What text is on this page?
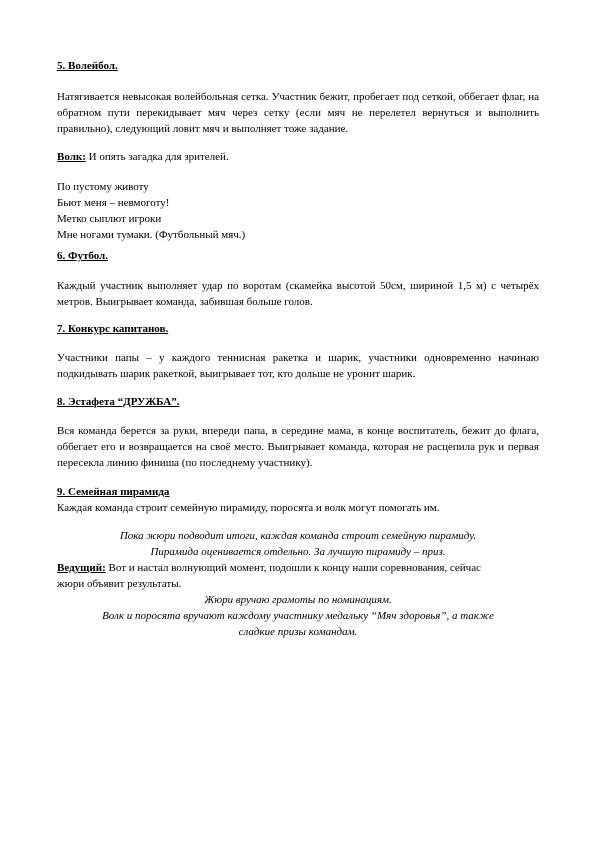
5. Волейбол.

Натягивается невысокая волейбольная сетка. Участник бежит, пробегает под сеткой, оббегает флаг, на обратном пути перекидывает мяч через сетку (если мяч не перелетел вернуться и выполнить правильно), следующий ловит мяч и выполняет тоже задание.

Волк: И опять загадка для зрителей.

По пустому животу
Бьют меня – невмоготу!
Метко сыплют игроки
Мне ногами тумаки. (Футбольный мяч.)

6. Футбол.

Каждый участник выполняет удар по воротам (скамейка высотой 50см, шириной 1,5 м) с четырёх метров. Выигрывает команда, забившая больше голов.

7. Конкурс капитанов.

Участники папы – у каждого теннисная ракетка и шарик, участники одновременно начинаю подкидывать шарик ракеткой, выигрывает тот, кто дольше не уронит шарик.

8. Эстафета “ДРУЖБА”.

Вся команда берется за руки, впереди папа, в середине мама, в конце воспитатель, бежит до флага, оббегает его и возвращается на своё место. Выигрывает команда, которая не расцепила рук и первая пересекла линию финиша (по последнему участнику).

9. Семейная пирамида

Каждая команда строит семейную пирамиду, поросята и волк могут помогать им.

Пока жюри подводит итоги, каждая команда строит семейную пирамиду.
Пирамида оценивается отдельно. За лучшую пирамиду – приз.
Ведущий: Вот и настал волнующий момент, подошли к концу наши соревнования, сейчас
жюри объявит результаты.
Жюри вручаю грамоты по номинациям.
Волк и поросята вручают каждому участнику медальку “Мяч здоровья”, а также
сладкие призы командам.
